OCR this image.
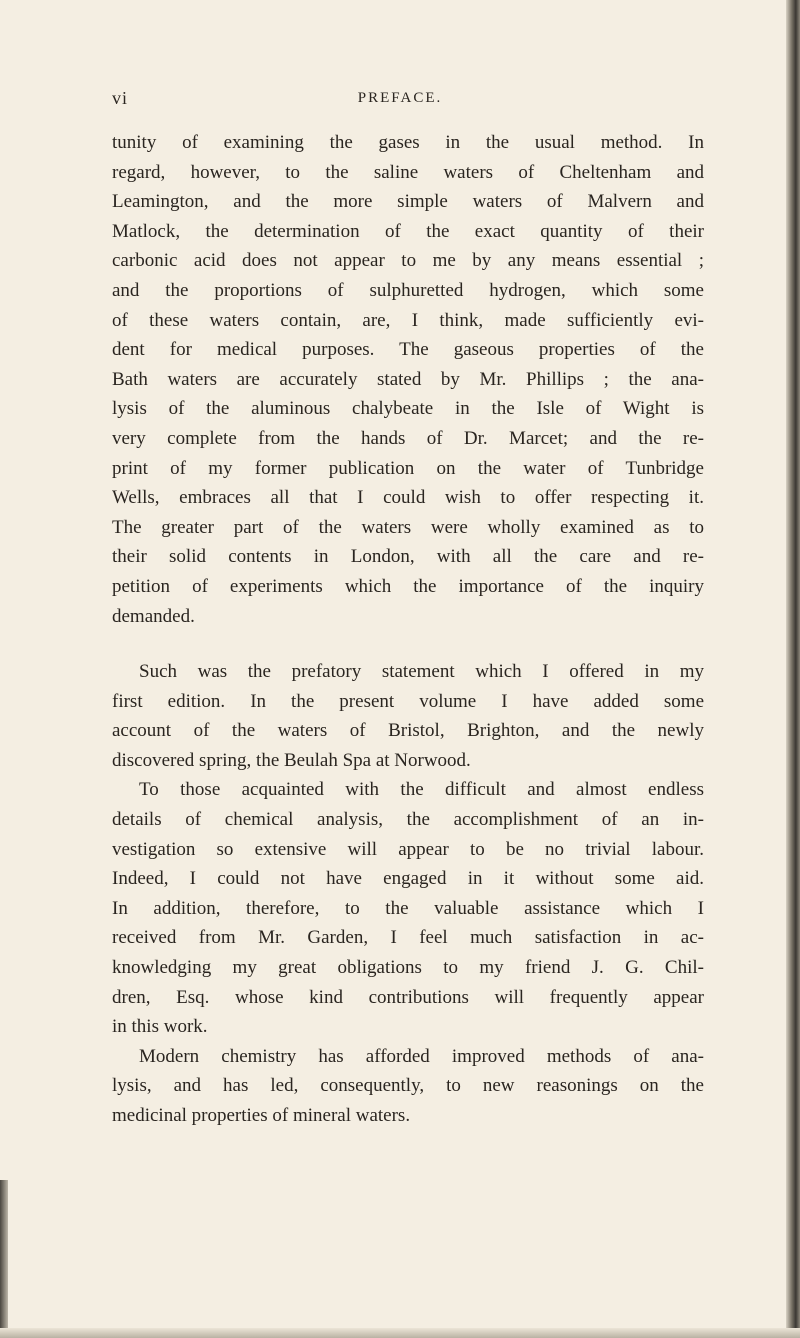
vi	PREFACE.
tunity of examining the gases in the usual method. In
regard, however, to the saline waters of Cheltenham and
Leamington, and the more simple waters of Malvern and
Matlock, the determination of the exact quantity of their
carbonic acid does not appear to me by any means essential ;
and the proportions of sulphuretted hydrogen, which some
of these waters contain, are, I think, made sufficiently evi-
dent for medical purposes. The gaseous properties of the
Bath waters are accurately stated by Mr. Phillips ; the ana-
lysis of the aluminous chalybeate in the Isle of Wight is
very complete from the hands of Dr. Marcet; and the re-
print of my former publication on the water of Tunbridge
Wells, embraces all that I could wish to offer respecting it.
The greater part of the waters were wholly examined as to
their solid contents in London, with all the care and re-
petition of experiments which the importance of the inquiry
demanded.
Such was the prefatory statement which I offered in my
first edition. In the present volume I have added some
account of the waters of Bristol, Brighton, and the newly
discovered spring, the Beulah Spa at Norwood.
To those acquainted with the difficult and almost endless
details of chemical analysis, the accomplishment of an in-
vestigation so extensive will appear to be no trivial labour.
Indeed, I could not have engaged in it without some aid.
In addition, therefore, to the valuable assistance which I
received from Mr. Garden, I feel much satisfaction in ac-
knowledging my great obligations to my friend J. G. Chil-
dren, Esq. whose kind contributions will frequently appear
in this work.
Modern chemistry has afforded improved methods of ana-
lysis, and has led, consequently, to new reasonings on the
medicinal properties of mineral waters.
